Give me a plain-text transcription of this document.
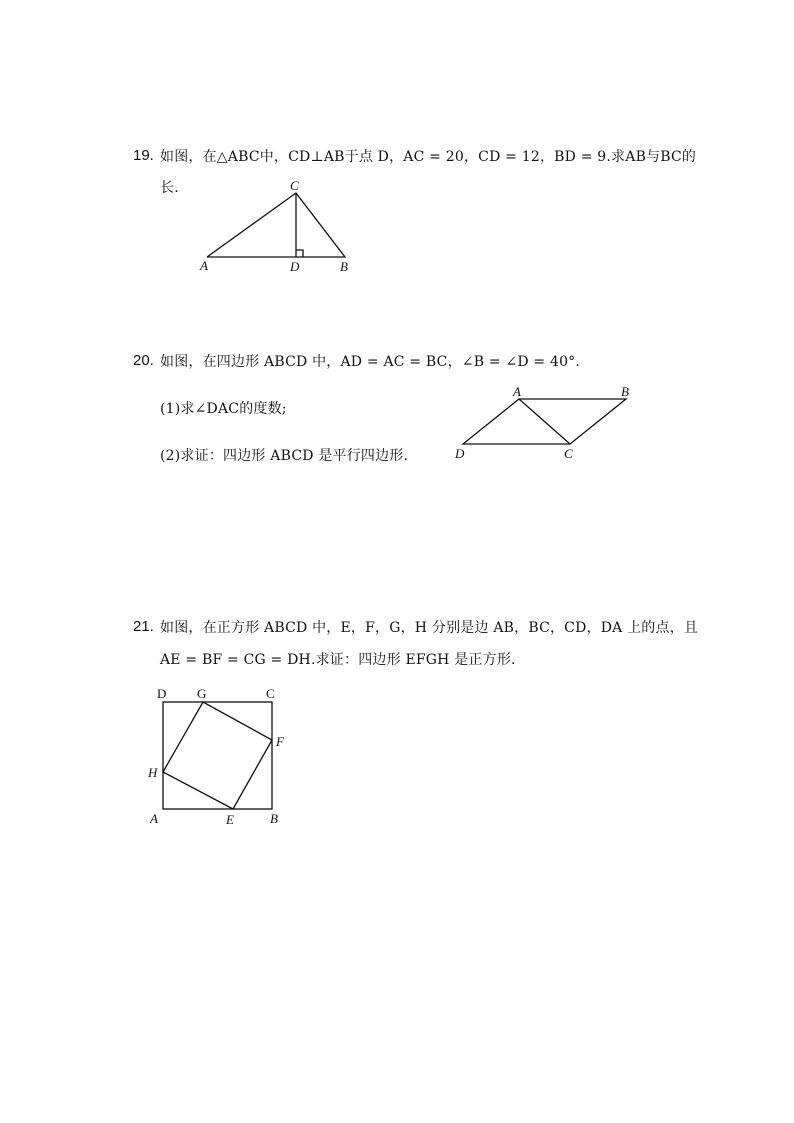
19. 如图，在△ABC中，CD⊥AB于点 D，AC = 20，CD = 12，BD = 9.求AB与BC的
长.	C
A	D	B
20. 如图，在四边形 ABCD 中，AD = AC = BC，∠B = ∠D = 40°.
(1)求∠DAC的度数;
(2)求证：四边形 ABCD 是平行四边形.
A	B
D	C
21. 如图，在正方形 ABCD 中，E，F，G，H 分别是边 AB，BC，CD，DA 上的点，且
AE = BF = CG = DH.求证：四边形 EFGH 是正方形.
D G	C
F
H
A	E	B
